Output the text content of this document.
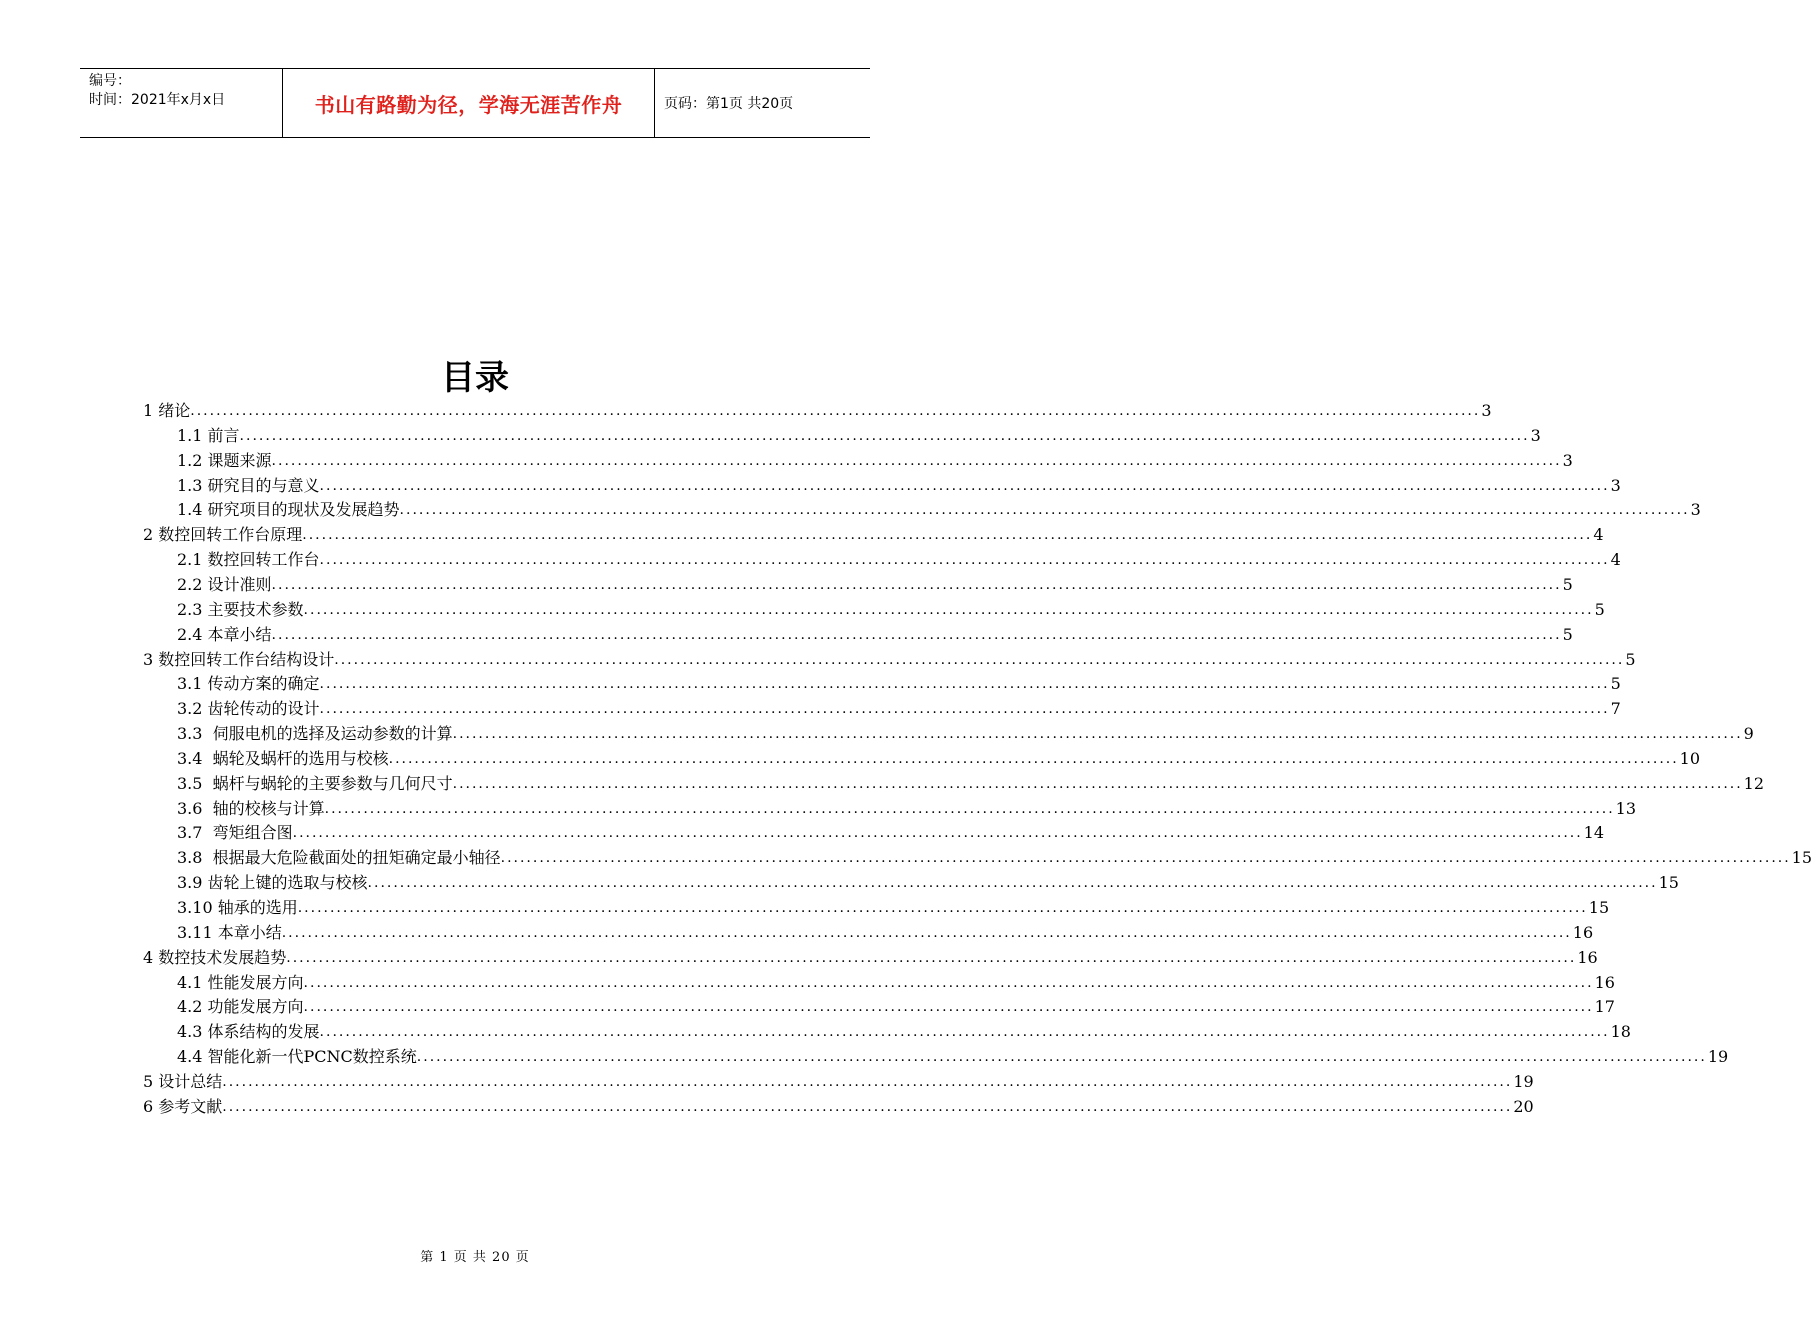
编号：
时间：2021年x月x日	书山有路勤为径，学海无涯苦作舟	页码：第1页 共20页
目录
1 绪论 ........................................................................................................................................................................................................ 3
1.1 前言 ........................................................................................................................................................................................................ 3
1.2 课题来源 ........................................................................................................................................................................................................ 3
1.3 研究目的与意义 ........................................................................................................................................................................................................ 3
1.4 研究项目的现状及发展趋势 ........................................................................................................................................................................................................ 3
2 数控回转工作台原理 ........................................................................................................................................................................................................ 4
2.1 数控回转工作台 ........................................................................................................................................................................................................ 4
2.2 设计准则 ........................................................................................................................................................................................................ 5
2.3 主要技术参数 ........................................................................................................................................................................................................ 5
2.4 本章小结 ........................................................................................................................................................................................................ 5
3 数控回转工作台结构设计 ........................................................................................................................................................................................................ 5
3.1 传动方案的确定 ........................................................................................................................................................................................................ 5
3.2 齿轮传动的设计 ........................................................................................................................................................................................................ 7
3.3  伺服电机的选择及运动参数的计算 ........................................................................................................................................................................................................ 9
3.4  蜗轮及蜗杆的选用与校核 ........................................................................................................................................................................................................ 10
3.5  蜗杆与蜗轮的主要参数与几何尺寸 ........................................................................................................................................................................................................ 12
3.6  轴的校核与计算 ........................................................................................................................................................................................................ 13
3.7  弯矩组合图 ........................................................................................................................................................................................................ 14
3.8  根据最大危险截面处的扭矩确定最小轴径 ........................................................................................................................................................................................................ 15
3.9 齿轮上键的选取与校核 ........................................................................................................................................................................................................ 15
3.10 轴承的选用 ........................................................................................................................................................................................................ 15
3.11 本章小结 ........................................................................................................................................................................................................ 16
4 数控技术发展趋势 ........................................................................................................................................................................................................ 16
4.1 性能发展方向 ........................................................................................................................................................................................................ 16
4.2 功能发展方向 ........................................................................................................................................................................................................ 17
4.3 体系结构的发展 ........................................................................................................................................................................................................ 18
4.4 智能化新一代PCNC数控系统 ........................................................................................................................................................................................................ 19
5 设计总结 ........................................................................................................................................................................................................ 19
6 参考文献 ........................................................................................................................................................................................................ 20
第 1 页 共 20 页
